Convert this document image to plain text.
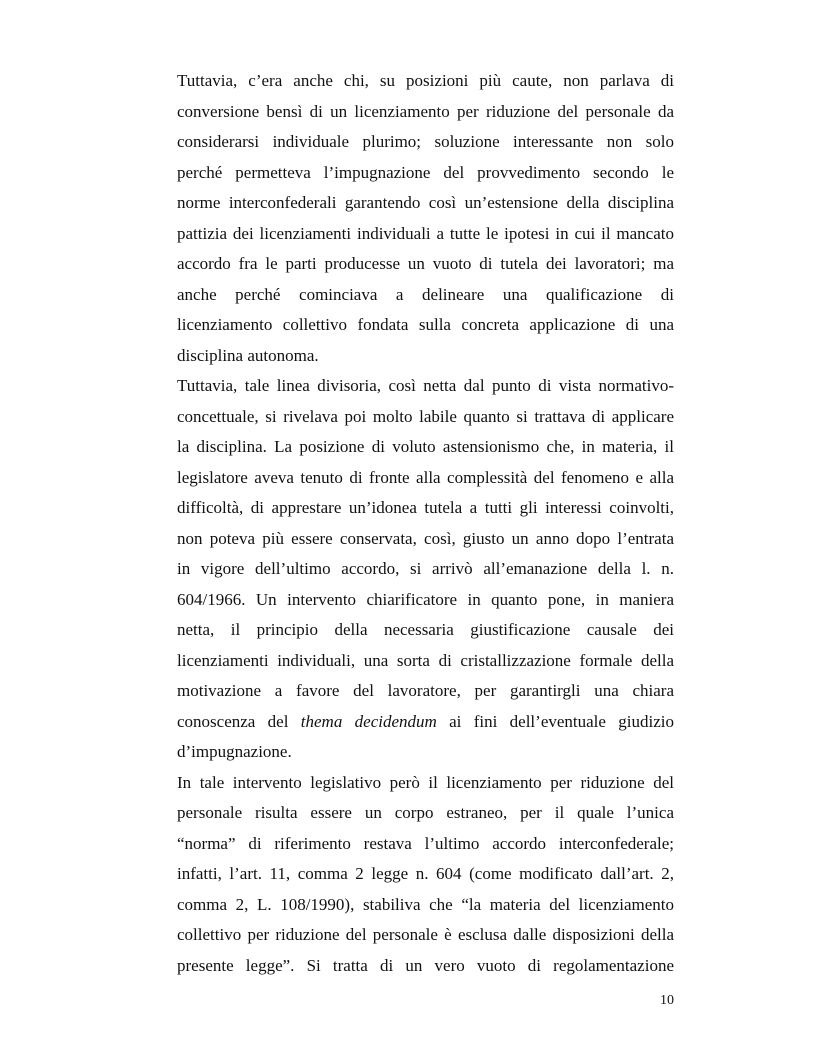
Tuttavia, c’era anche chi, su posizioni più caute, non parlava di
conversione bensì di un licenziamento per riduzione del personale da
considerarsi individuale plurimo; soluzione interessante non solo
perché permetteva l’impugnazione del provvedimento secondo le
norme interconfederali garantendo così un’estensione della disciplina
pattizia dei licenziamenti individuali a tutte le ipotesi in cui il mancato
accordo fra le parti producesse un vuoto di tutela dei lavoratori; ma
anche perché cominciava a delineare una qualificazione di
licenziamento collettivo fondata sulla concreta applicazione di una
disciplina autonoma.
Tuttavia, tale linea divisoria, così netta dal punto di vista normativo-
concettuale, si rivelava poi molto labile quanto si trattava di applicare
la disciplina. La posizione di voluto astensionismo che, in materia, il
legislatore aveva tenuto di fronte alla complessità del fenomeno e alla
difficoltà, di apprestare un’idonea tutela a tutti gli interessi coinvolti,
non poteva più essere conservata, così, giusto un anno dopo l’entrata
in vigore dell’ultimo accordo, si arrivò all’emanazione della l. n.
604/1966. Un intervento chiarificatore in quanto pone, in maniera
netta, il principio della necessaria giustificazione causale dei
licenziamenti individuali, una sorta di cristallizzazione formale della
motivazione a favore del lavoratore, per garantirgli una chiara
conoscenza del thema decidendum ai fini dell’eventuale giudizio
d’impugnazione.
In tale intervento legislativo però il licenziamento per riduzione del
personale risulta essere un corpo estraneo, per il quale l’unica
“norma” di riferimento restava l’ultimo accordo interconfederale;
infatti, l’art. 11, comma 2 legge n. 604 (come modificato dall’art. 2,
comma 2, L. 108/1990), stabiliva che “la materia del licenziamento
collettivo per riduzione del personale è esclusa dalle disposizioni della
presente legge”. Si tratta di un vero vuoto di regolamentazione
10
